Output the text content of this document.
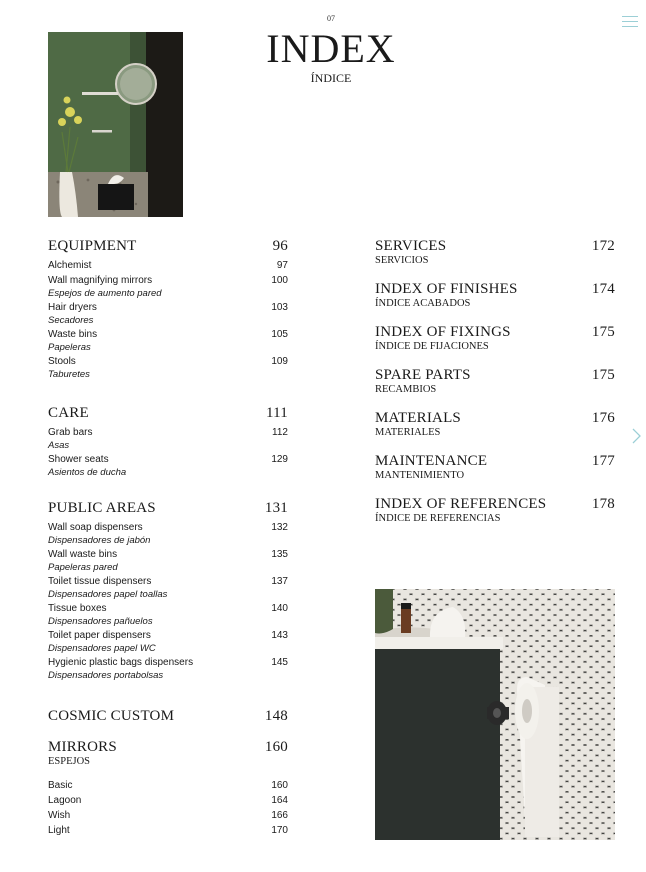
07
INDEX
ÍNDICE
EQUIPMENT	96
Alchemist	97
Wall magnifying mirrors	100
Espejos de aumento pared
Hair dryers	103
Secadores
Waste bins	105
Papeleras
Stools	109
Taburetes
CARE	111
Grab bars	112
Asas
Shower seats	129
Asientos de ducha
PUBLIC AREAS	131
Wall soap dispensers	132
Dispensadores de jabón
Wall waste bins	135
Papeleras pared
Toilet tissue dispensers	137
Dispensadores papel toallas
Tissue boxes	140
Dispensadores pañuelos
Toilet paper dispensers	143
Dispensadores papel WC
Hygienic plastic bags dispensers	145
Dispensadores portabolsas
COSMIC CUSTOM	148
MIRRORS	160
ESPEJOS
Basic	160
Lagoon	164
Wish	166
Light	170
SERVICES	172
SERVICIOS
INDEX OF FINISHES	174
ÍNDICE ACABADOS
INDEX OF FIXINGS	175
ÍNDICE DE FIJACIONES
SPARE PARTS	175
RECAMBIOS
MATERIALS	176
MATERIALES
MAINTENANCE	177
MANTENIMIENTO
INDEX OF REFERENCES	178
ÍNDICE DE REFERENCIAS
